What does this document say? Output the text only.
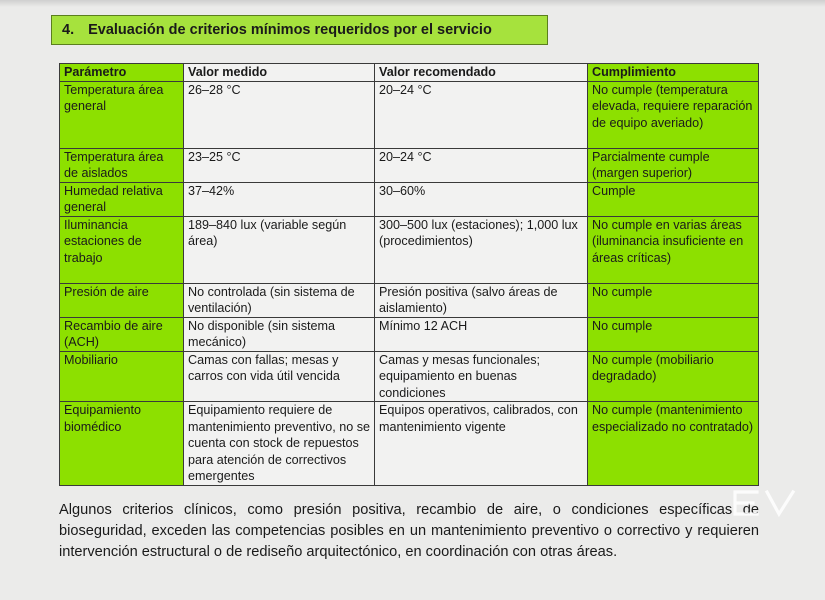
4. Evaluación de criterios mínimos requeridos por el servicio
Parámetro	Valor medido	Valor recomendado	Cumplimiento
Temperatura área general	26–28 °C	20–24 °C	No cumple (temperatura elevada, requiere reparación de equipo averiado)
Temperatura área de aislados	23–25 °C	20–24 °C	Parcialmente cumple (margen superior)
Humedad relativa general	37–42%	30–60%	Cumple
Iluminancia estaciones de trabajo	189–840 lux (variable según área)	300–500 lux (estaciones); 1,000 lux (procedimientos)	No cumple en varias áreas (iluminancia insuficiente en áreas críticas)
Presión de aire	No controlada (sin sistema de ventilación)	Presión positiva (salvo áreas de aislamiento)	No cumple
Recambio de aire (ACH)	No disponible (sin sistema mecánico)	Mínimo 12 ACH	No cumple
Mobiliario	Camas con fallas; mesas y carros con vida útil vencida	Camas y mesas funcionales; equipamiento en buenas condiciones	No cumple (mobiliario degradado)
Equipamiento biomédico	Equipamiento requiere de mantenimiento preventivo, no se cuenta con stock de repuestos para atención de correctivos emergentes	Equipos operativos, calibrados, con mantenimiento vigente	No cumple (mantenimiento especializado no contratado)

Algunos criterios clínicos, como presión positiva, recambio de aire, o condiciones específicas de bioseguridad, exceden las competencias posibles en un mantenimiento preventivo o correctivo y requieren intervención estructural o de rediseño arquitectónico, en coordinación con otras áreas.
